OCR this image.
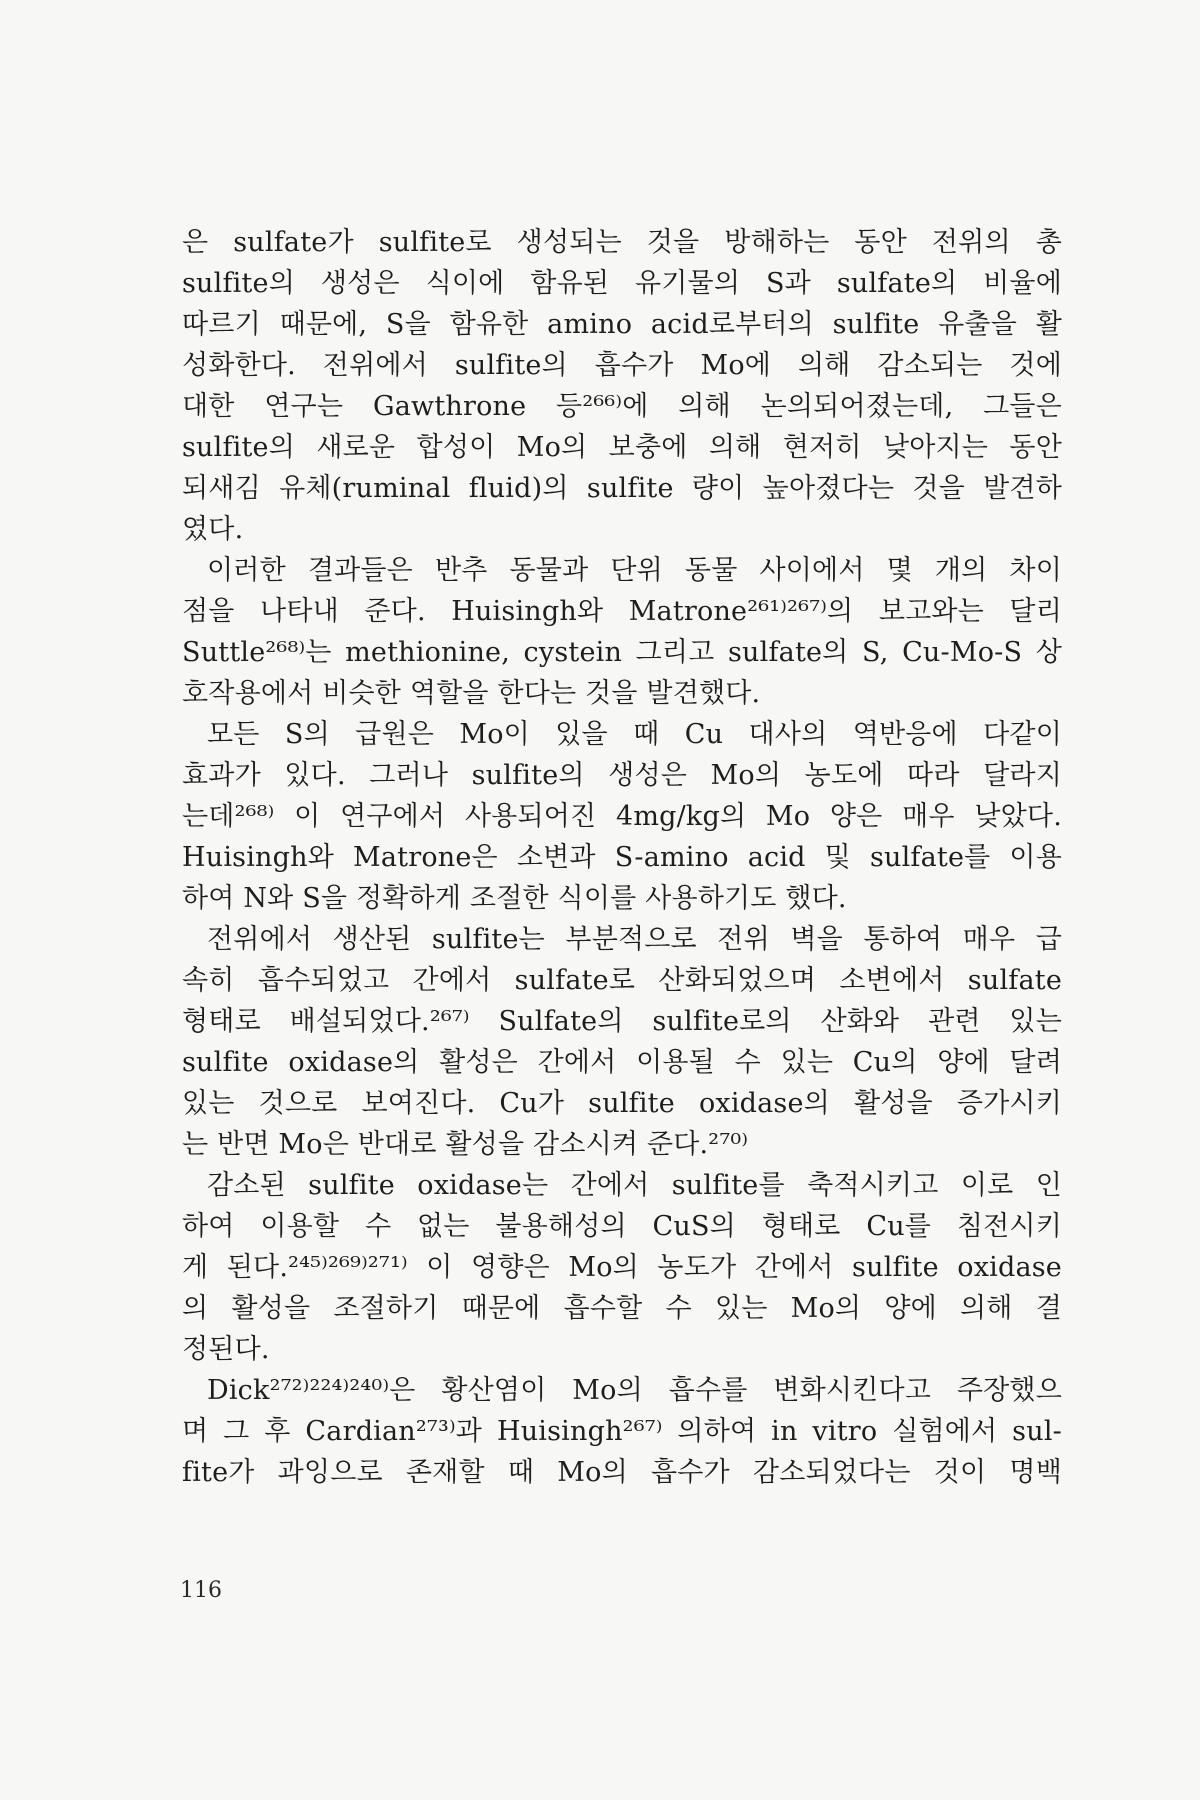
은 sulfate가 sulfite로 생성되는 것을 방해하는 동안 전위의 총
sulfite의 생성은 식이에 함유된 유기물의 S과 sulfate의 비율에
따르기 때문에, S을 함유한 amino acid로부터의 sulfite 유출을 활
성화한다. 전위에서 sulfite의 흡수가 Mo에 의해 감소되는 것에
대한 연구는 Gawthrone 등²⁶⁶⁾에 의해 논의되어졌는데, 그들은
sulfite의 새로운 합성이 Mo의 보충에 의해 현저히 낮아지는 동안
되새김 유체(ruminal fluid)의 sulfite 량이 높아졌다는 것을 발견하
였다.
이러한 결과들은 반추 동물과 단위 동물 사이에서 몇 개의 차이
점을 나타내 준다. Huisingh와 Matrone²⁶¹⁾²⁶⁷⁾의 보고와는 달리
Suttle²⁶⁸⁾는 methionine, cystein 그리고 sulfate의 S, Cu-Mo-S 상
호작용에서 비슷한 역할을 한다는 것을 발견했다.
모든 S의 급원은 Mo이 있을 때 Cu 대사의 역반응에 다같이
효과가 있다. 그러나 sulfite의 생성은 Mo의 농도에 따라 달라지
는데²⁶⁸⁾ 이 연구에서 사용되어진 4mg/kg의 Mo 양은 매우 낮았다.
Huisingh와 Matrone은 소변과 S-amino acid 및 sulfate를 이용
하여 N와 S을 정확하게 조절한 식이를 사용하기도 했다.
전위에서 생산된 sulfite는 부분적으로 전위 벽을 통하여 매우 급
속히 흡수되었고 간에서 sulfate로 산화되었으며 소변에서 sulfate
형태로 배설되었다.²⁶⁷⁾ Sulfate의 sulfite로의 산화와 관련 있는
sulfite oxidase의 활성은 간에서 이용될 수 있는 Cu의 양에 달려
있는 것으로 보여진다. Cu가 sulfite oxidase의 활성을 증가시키
는 반면 Mo은 반대로 활성을 감소시켜 준다.²⁷⁰⁾
감소된 sulfite oxidase는 간에서 sulfite를 축적시키고 이로 인
하여 이용할 수 없는 불용해성의 CuS의 형태로 Cu를 침전시키
게 된다.²⁴⁵⁾²⁶⁹⁾²⁷¹⁾ 이 영향은 Mo의 농도가 간에서 sulfite oxidase
의 활성을 조절하기 때문에 흡수할 수 있는 Mo의 양에 의해 결
정된다.
Dick²⁷²⁾²²⁴⁾²⁴⁰⁾은 황산염이 Mo의 흡수를 변화시킨다고 주장했으
며 그 후 Cardian²⁷³⁾과 Huisingh²⁶⁷⁾ 의하여 in vitro 실험에서 sul-
fite가 과잉으로 존재할 때 Mo의 흡수가 감소되었다는 것이 명백
116
